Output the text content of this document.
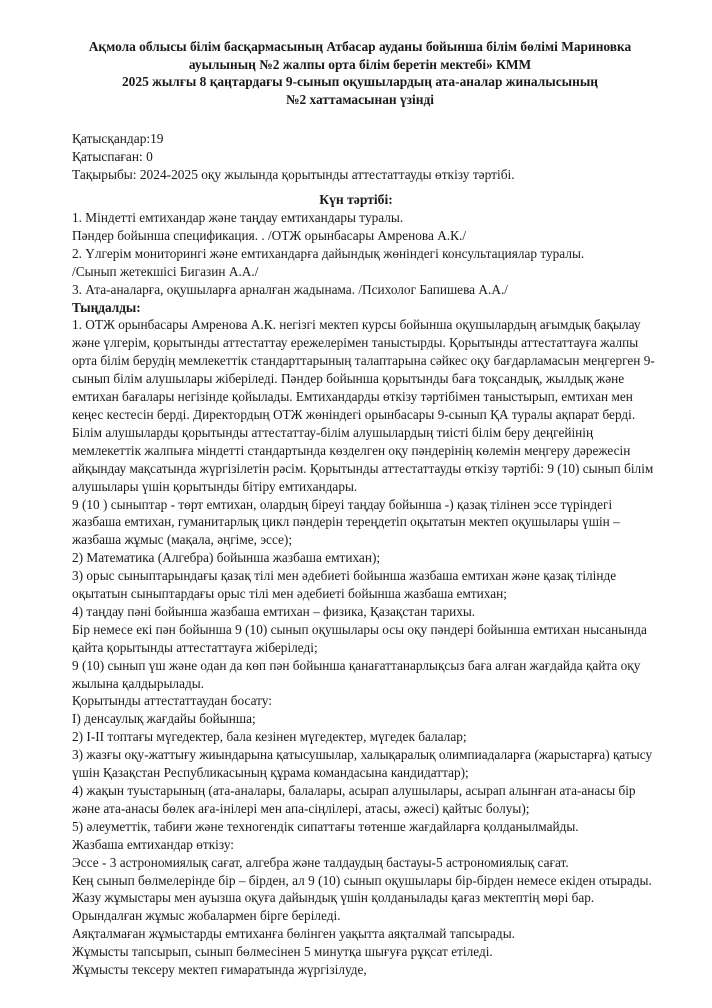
Ақмола облысы білім басқармасының Атбасар ауданы бойынша білім бөлімі Мариновка
ауылының №2 жалпы орта білім беретін мектебі» КММ
2025 жылғы 8 қаңтардағы 9-сынып оқушылардың ата-аналар жиналысының
№2 хаттамасынан үзінді
Қатысқандар:19
Қатыспаған: 0
Тақырыбы: 2024-2025 оқу жылында қорытынды аттестаттауды өткізу тәртібі.
Күн тәртібі:
1. Міндетті емтихандар және таңдау емтихандары туралы.
Пәндер бойынша спецификация. . /ОТЖ орынбасары Амренова А.К./
2. Үлгерім мониторингі және емтихандарға дайындық жөніндегі консультациялар туралы.
/Сынып жетекшісі Бигазин А.А./
3. Ата-аналарға, оқушыларға арналған жадынама. /Психолог Бапишева А.А./
Тыңдалды:
1. ОТЖ орынбасары Амренова А.К. негізгі мектеп курсы бойынша оқушылардың ағымдық бақылау
және үлгерім, қорытынды аттестаттау ережелерімен таныстырды. Қорытынды аттестаттауға жалпы
орта білім берудің мемлекеттік стандарттарының талаптарына сәйкес оқу бағдарламасын меңгерген 9-
сынып білім алушылары жіберіледі. Пәндер бойынша қорытынды баға тоқсандық, жылдық және
емтихан бағалары негізінде қойылады. Емтихандарды өткізу тәртібімен таныстырып, емтихан мен
кеңес кестесін берді. Директордың ОТЖ жөніндегі орынбасары 9-сынып ҚА туралы ақпарат берді.
Білім алушыларды қорытынды аттестаттау-білім алушылардың тиісті білім беру деңгейінің
мемлекеттік жалпыға міндетті стандартында көзделген оқу пәндерінің көлемін меңгеру дәрежесін
айқындау мақсатында жүргізілетін рәсім. Қорытынды аттестаттауды өткізу тәртібі: 9 (10) сынып білім
алушылары үшін қорытынды бітіру емтихандары.
9 (10 ) сыныптар - төрт емтихан, олардың біреуі таңдау бойынша -) қазақ тілінен эссе түріндегі
жазбаша емтихан, гуманитарлық цикл пәндерін тереңдетіп оқытатын мектеп оқушылары үшін –
жазбаша жұмыс (мақала, әңгіме, эссе);
2) Математика (Алгебра) бойынша жазбаша емтихан);
3) орыс сыныптарындағы қазақ тілі мен әдебиеті бойынша жазбаша емтихан және қазақ тілінде
оқытатын сыныптардағы орыс тілі мен әдебиеті бойынша жазбаша емтихан;
4) таңдау пәні бойынша жазбаша емтихан – физика, Қазақстан тарихы.
Бір немесе екі пән бойынша 9 (10) сынып оқушылары осы оқу пәндері бойынша емтихан нысанында
қайта қорытынды аттестаттауға жіберіледі;
9 (10) сынып үш және одан да көп пән бойынша қанағаттанарлықсыз баға алған жағдайда қайта оқу
жылына қалдырылады.
Қорытынды аттестаттаудан босату:
І) денсаулық жағдайы бойынша;
2) І-ІІ топтағы мүгедектер, бала кезінен мүгедектер, мүгедек балалар;
3) жазғы оқу-жаттығу жиындарына қатысушылар, халықаралық олимпиадаларға (жарыстарға) қатысу
үшін Қазақстан Республикасының құрама командасына кандидаттар);
4) жақын туыстарының (ата-аналары, балалары, асырап алушылары, асырап алынған ата-анасы бір
және ата-анасы бөлек аға-інілері мен апа-сіңлілері, атасы, әжесі) қайтыс болуы);
5) әлеуметтік, табиғи және техногендік сипаттағы төтенше жағдайларға қолданылмайды.
Жазбаша емтихандар өткізу:
Эссе - 3 астрономиялық сағат, алгебра және талдаудың бастауы-5 астрономиялық сағат.
Кең сынып бөлмелерінде бір – бірден, ал 9 (10) сынып оқушылары бір-бірден немесе екіден отырады.
Жазу жұмыстары мен ауызша оқуға дайындық үшін қолданылады қағаз мектептің мөрі бар.
Орындалған жұмыс жобалармен бірге беріледі.
Аяқталмаған жұмыстарды емтиханға бөлінген уақытта аяқталмай тапсырады.
Жұмысты тапсырып, сынып бөлмесінен 5 минутқа шығуға рұқсат етіледі.
Жұмысты тексеру мектеп ғимаратында жүргізілуде,
